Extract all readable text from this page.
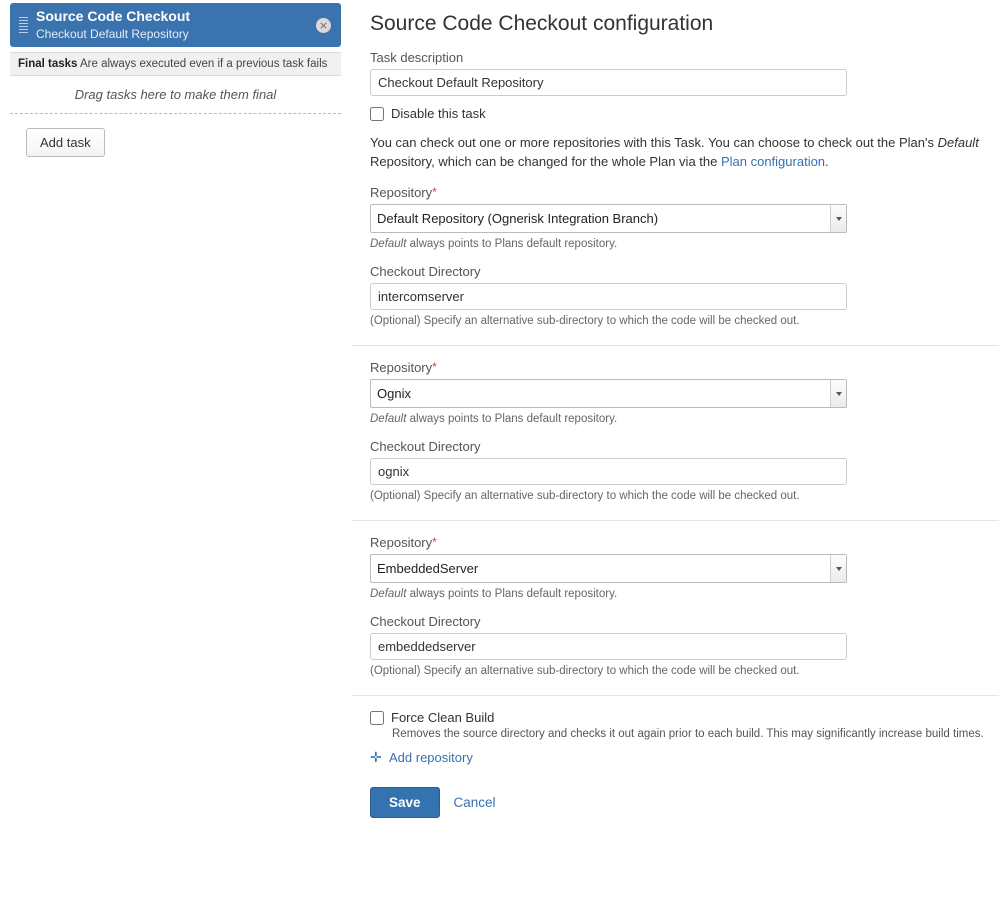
Source Code Checkout
Checkout Default Repository
×
Final tasks Are always executed even if a previous task fails
Drag tasks here to make them final
Add task
Source Code Checkout configuration
Task description
Checkout Default Repository
Disable this task

You can check out one or more repositories with this Task. You can choose to check out the Plan's Default Repository, which can be changed for the whole Plan via the Plan configuration.

Repository*
Default Repository (Ognerisk Integration Branch)
Default always points to Plans default repository.
Checkout Directory
intercomserver
(Optional) Specify an alternative sub-directory to which the code will be checked out.
Repository*
Ognix
Default always points to Plans default repository.
Checkout Directory
ognix
(Optional) Specify an alternative sub-directory to which the code will be checked out.
Repository*
EmbeddedServer
Default always points to Plans default repository.
Checkout Directory
embeddedserver
(Optional) Specify an alternative sub-directory to which the code will be checked out.
Force Clean Build
Removes the source directory and checks it out again prior to each build. This may significantly increase build times.
✛ Add repository
Save	Cancel
